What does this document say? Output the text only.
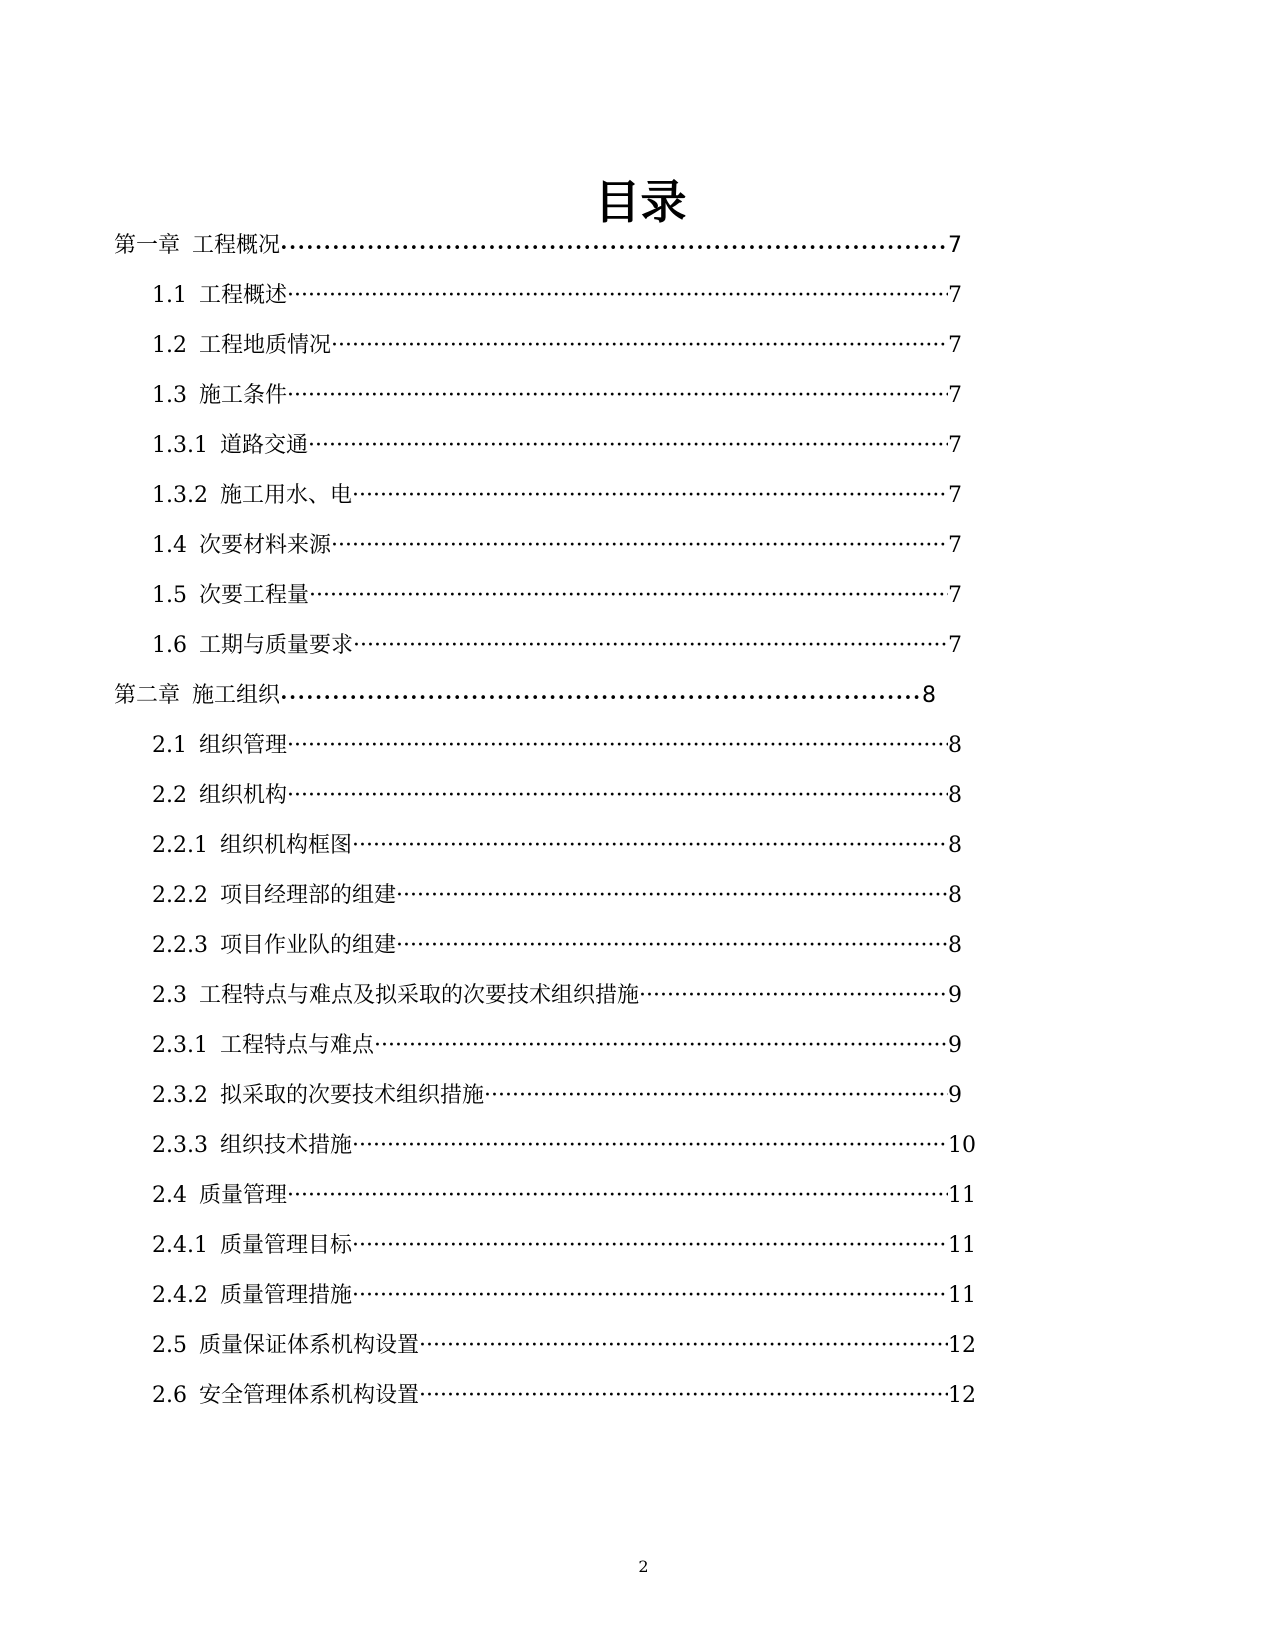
目录
第一章 工程概况 •••••	7
1.1 工程概述 ·····	7
1.2 工程地质情况 ·····	7
1.3 施工条件 ·····	7
1.3.1 道路交通 ·····	7
1.3.2 施工用水、电 ·····	7
1.4 次要材料来源 ·····	7
1.5 次要工程量 ·····	7
1.6 工期与质量要求 ·····	7
第二章 施工组织 •••••	8
2.1 组织管理 ·····	8
2.2 组织机构 ·····	8
2.2.1 组织机构框图 ·····	8
2.2.2 项目经理部的组建 ·····	8
2.2.3 项目作业队的组建 ·····	8
2.3 工程特点与难点及拟采取的次要技术组织措施 ·····	9
2.3.1 工程特点与难点 ·····	9
2.3.2 拟采取的次要技术组织措施 ·····	9
2.3.3 组织技术措施 ·····	10
2.4 质量管理 ·····	11
2.4.1 质量管理目标 ·····	11
2.4.2 质量管理措施 ·····	11
2.5 质量保证体系机构设置 ·····	12
2.6 安全管理体系机构设置 ·····	12
2
